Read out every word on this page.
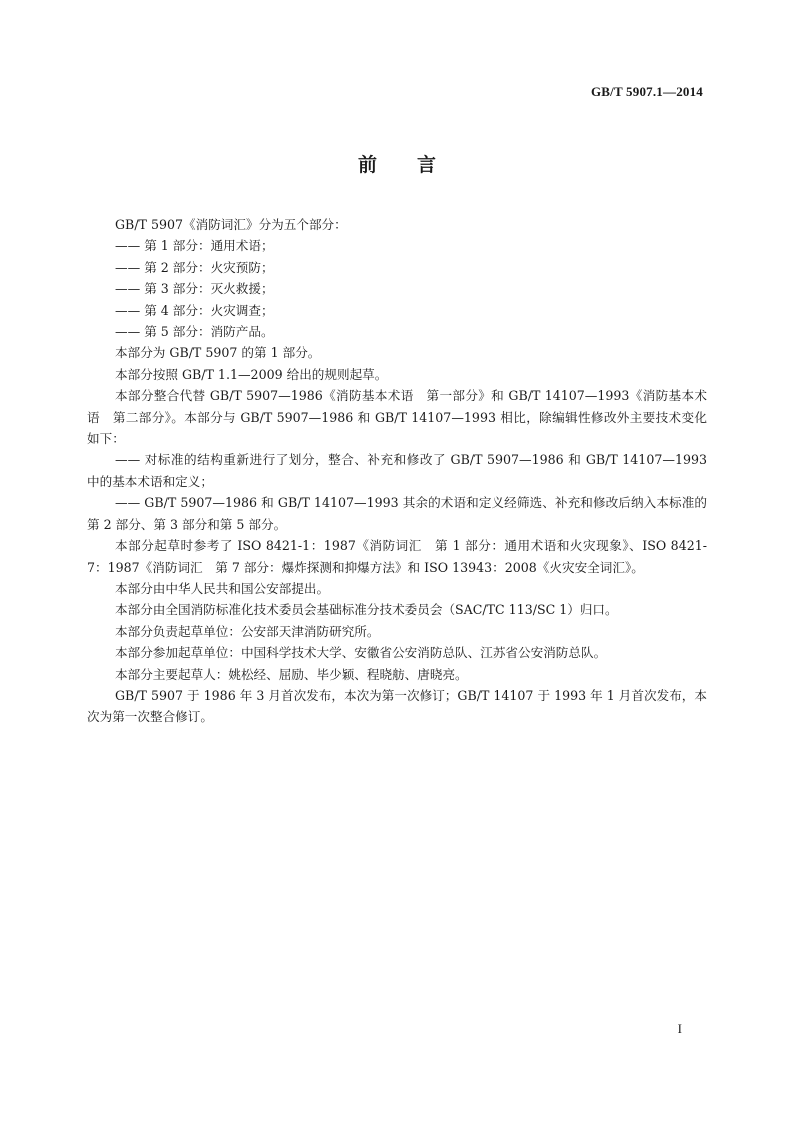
GB/T 5907.1—2014
前言

GB/T 5907《消防词汇》分为五个部分：

—— 第 1 部分：通用术语；

—— 第 2 部分：火灾预防；

—— 第 3 部分：灭火救援；

—— 第 4 部分：火灾调查；

—— 第 5 部分：消防产品。

本部分为 GB/T 5907 的第 1 部分。

本部分按照 GB/T 1.1—2009 给出的规则起草。

本部分整合代替 GB/T 5907—1986《消防基本术语　第一部分》和 GB/T 14107—1993《消防基本术语　第二部分》。本部分与 GB/T 5907—1986 和 GB/T 14107—1993 相比，除编辑性修改外主要技术变化如下：

—— 对标准的结构重新进行了划分，整合、补充和修改了 GB/T 5907—1986 和 GB/T 14107—1993 中的基本术语和定义；

—— GB/T 5907—1986 和 GB/T 14107—1993 其余的术语和定义经筛选、补充和修改后纳入本标准的第 2 部分、第 3 部分和第 5 部分。

本部分起草时参考了 ISO 8421-1：1987《消防词汇　第 1 部分：通用术语和火灾现象》、ISO 8421-7：1987《消防词汇　第 7 部分：爆炸探测和抑爆方法》和 ISO 13943：2008《火灾安全词汇》。

本部分由中华人民共和国公安部提出。

本部分由全国消防标准化技术委员会基础标准分技术委员会（SAC/TC 113/SC 1）归口。

本部分负责起草单位：公安部天津消防研究所。

本部分参加起草单位：中国科学技术大学、安徽省公安消防总队、江苏省公安消防总队。

本部分主要起草人：姚松经、屈励、毕少颖、程晓舫、唐晓亮。

GB/T 5907 于 1986 年 3 月首次发布，本次为第一次修订；GB/T 14107 于 1993 年 1 月首次发布，本次为第一次整合修订。

I
